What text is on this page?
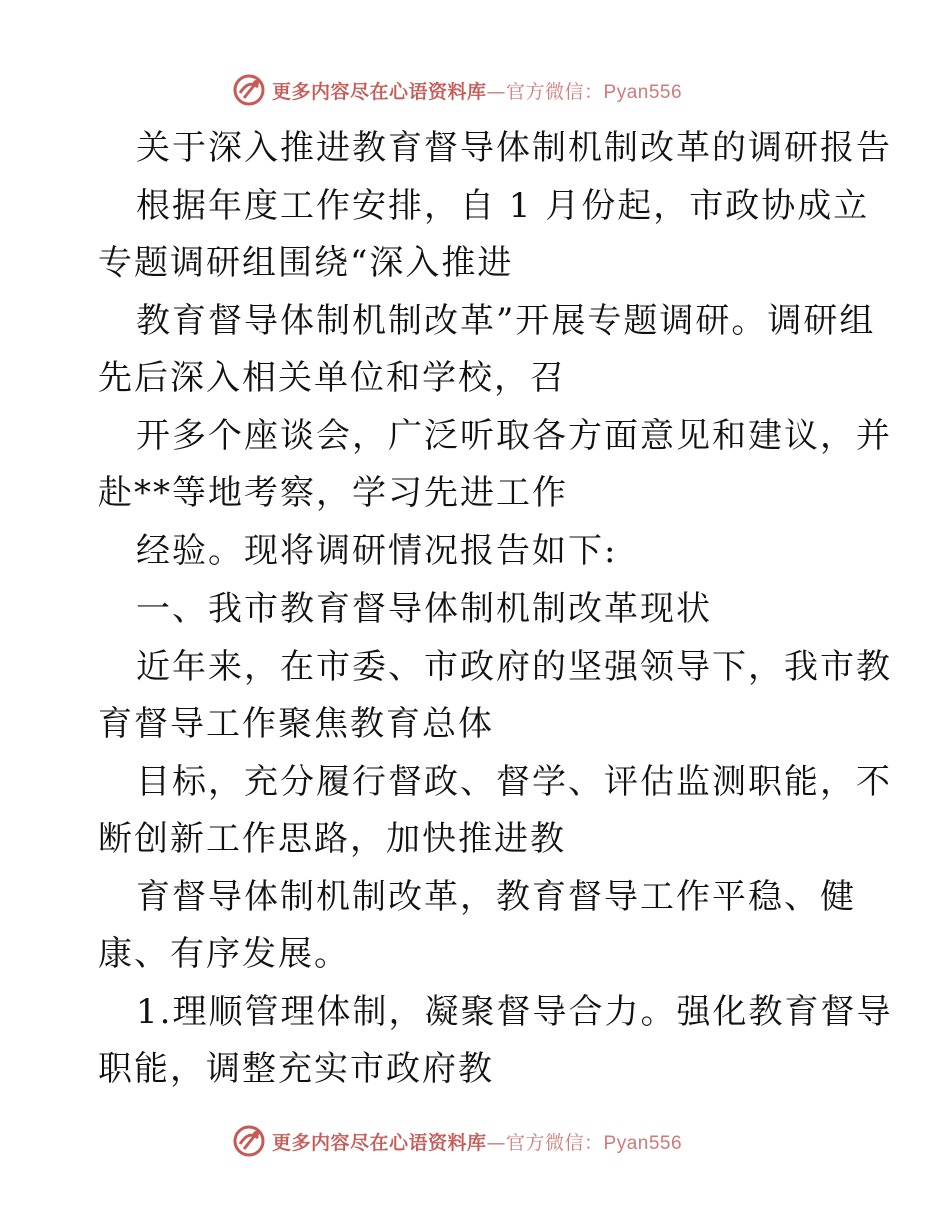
更多内容尽在心语资料库—官方微信：Pyan556
关于深入推进教育督导体制机制改革的调研报告
根据年度工作安排，自 1 月份起，市政协成立
专题调研组围绕“深入推进
教育督导体制机制改革”开展专题调研。调研组
先后深入相关单位和学校，召
开多个座谈会，广泛听取各方面意见和建议，并
赴**等地考察，学习先进工作
经验。现将调研情况报告如下:
一、我市教育督导体制机制改革现状
近年来，在市委、市政府的坚强领导下，我市教
育督导工作聚焦教育总体
目标，充分履行督政、督学、评估监测职能，不
断创新工作思路，加快推进教
育督导体制机制改革，教育督导工作平稳、健
康、有序发展。
1.理顺管理体制，凝聚督导合力。强化教育督导
职能，调整充实市政府教
更多内容尽在心语资料库—官方微信：Pyan556
